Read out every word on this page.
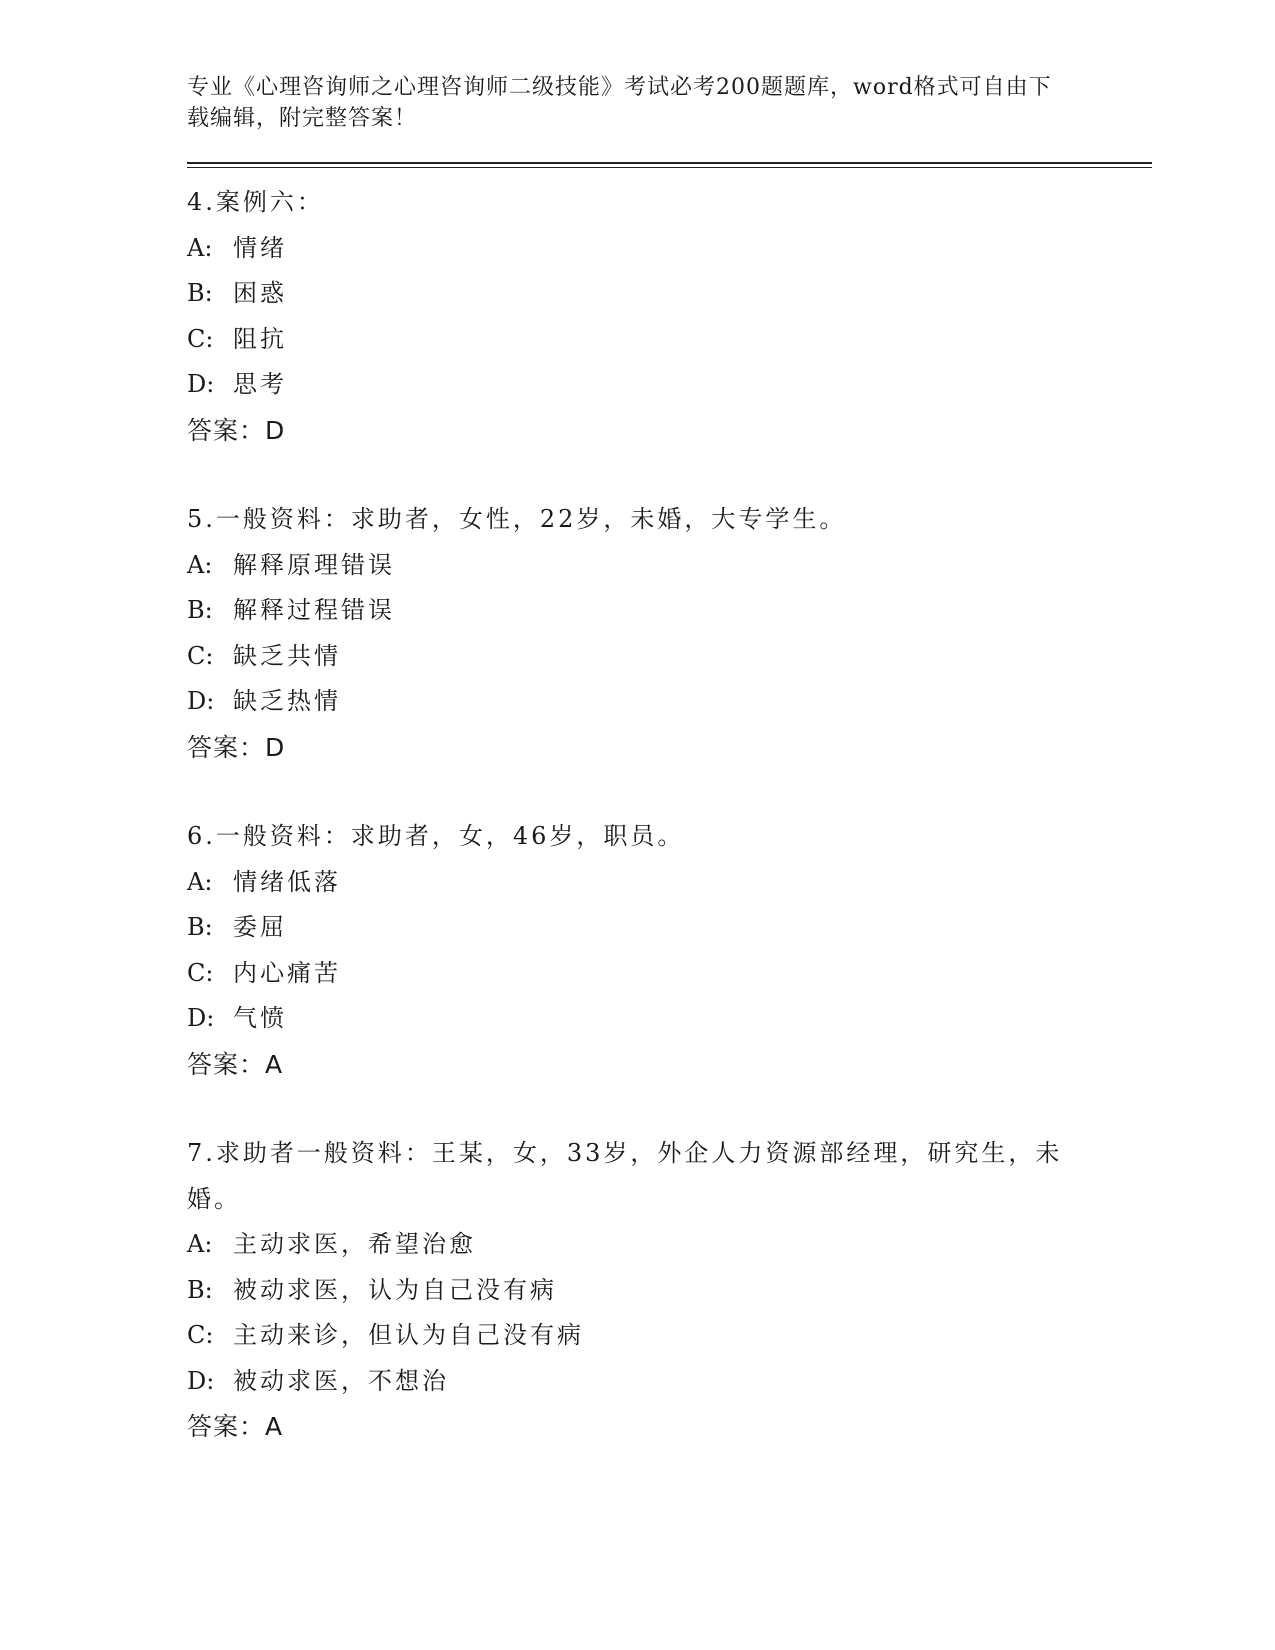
专业《心理咨询师之心理咨询师二级技能》考试必考200题题库，word格式可自由下载编辑，附完整答案！
4.案例六：
A: 情绪
B: 困惑
C: 阻抗
D: 思考
答案：D
5.一般资料：求助者，女性，22岁，未婚，大专学生。
A: 解释原理错误
B: 解释过程错误
C: 缺乏共情
D: 缺乏热情
答案：D
6.一般资料：求助者，女，46岁，职员。
A: 情绪低落
B: 委屈
C: 内心痛苦
D: 气愤
答案：A
7.求助者一般资料：王某，女，33岁，外企人力资源部经理，研究生，未婚。
A: 主动求医，希望治愈
B: 被动求医，认为自己没有病
C: 主动来诊，但认为自己没有病
D: 被动求医，不想治
答案：A
